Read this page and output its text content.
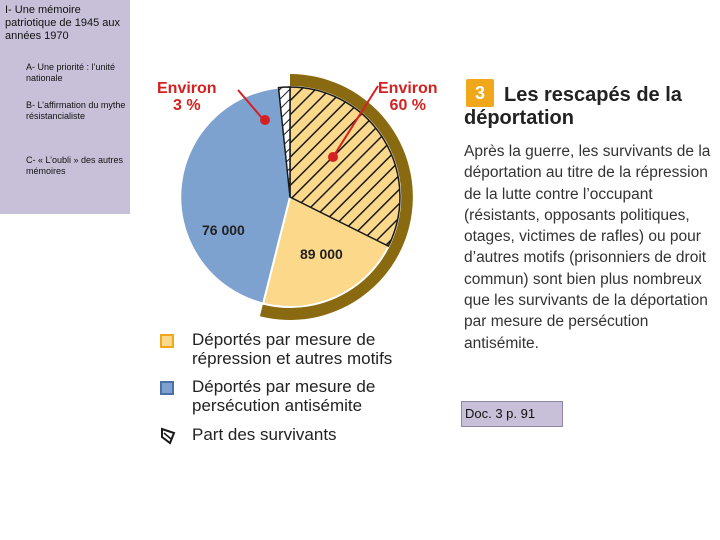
I- Une mémoire patriotique de 1945 aux années 1970
A- Une priorité : l’unité nationale
B- L’affirmation du mythe résistancialiste
C- « L’oubli » des autres mémoires
Environ
3 %
Environ
60 %
76 000
89 000
Déportés par mesure de répression et autres motifs
Déportés par mesure de persécution antisémite
Part des survivants
3 Les rescapés de la déportation
Après la guerre, les survivants de la déportation au titre de la répression de la lutte contre l’occupant (résistants, opposants politiques, otages, victimes de rafles) ou pour d’autres motifs (prisonniers de droit commun) sont bien plus nombreux que les survivants de la déportation par mesure de persécution antisémite.
Doc. 3 p. 91
